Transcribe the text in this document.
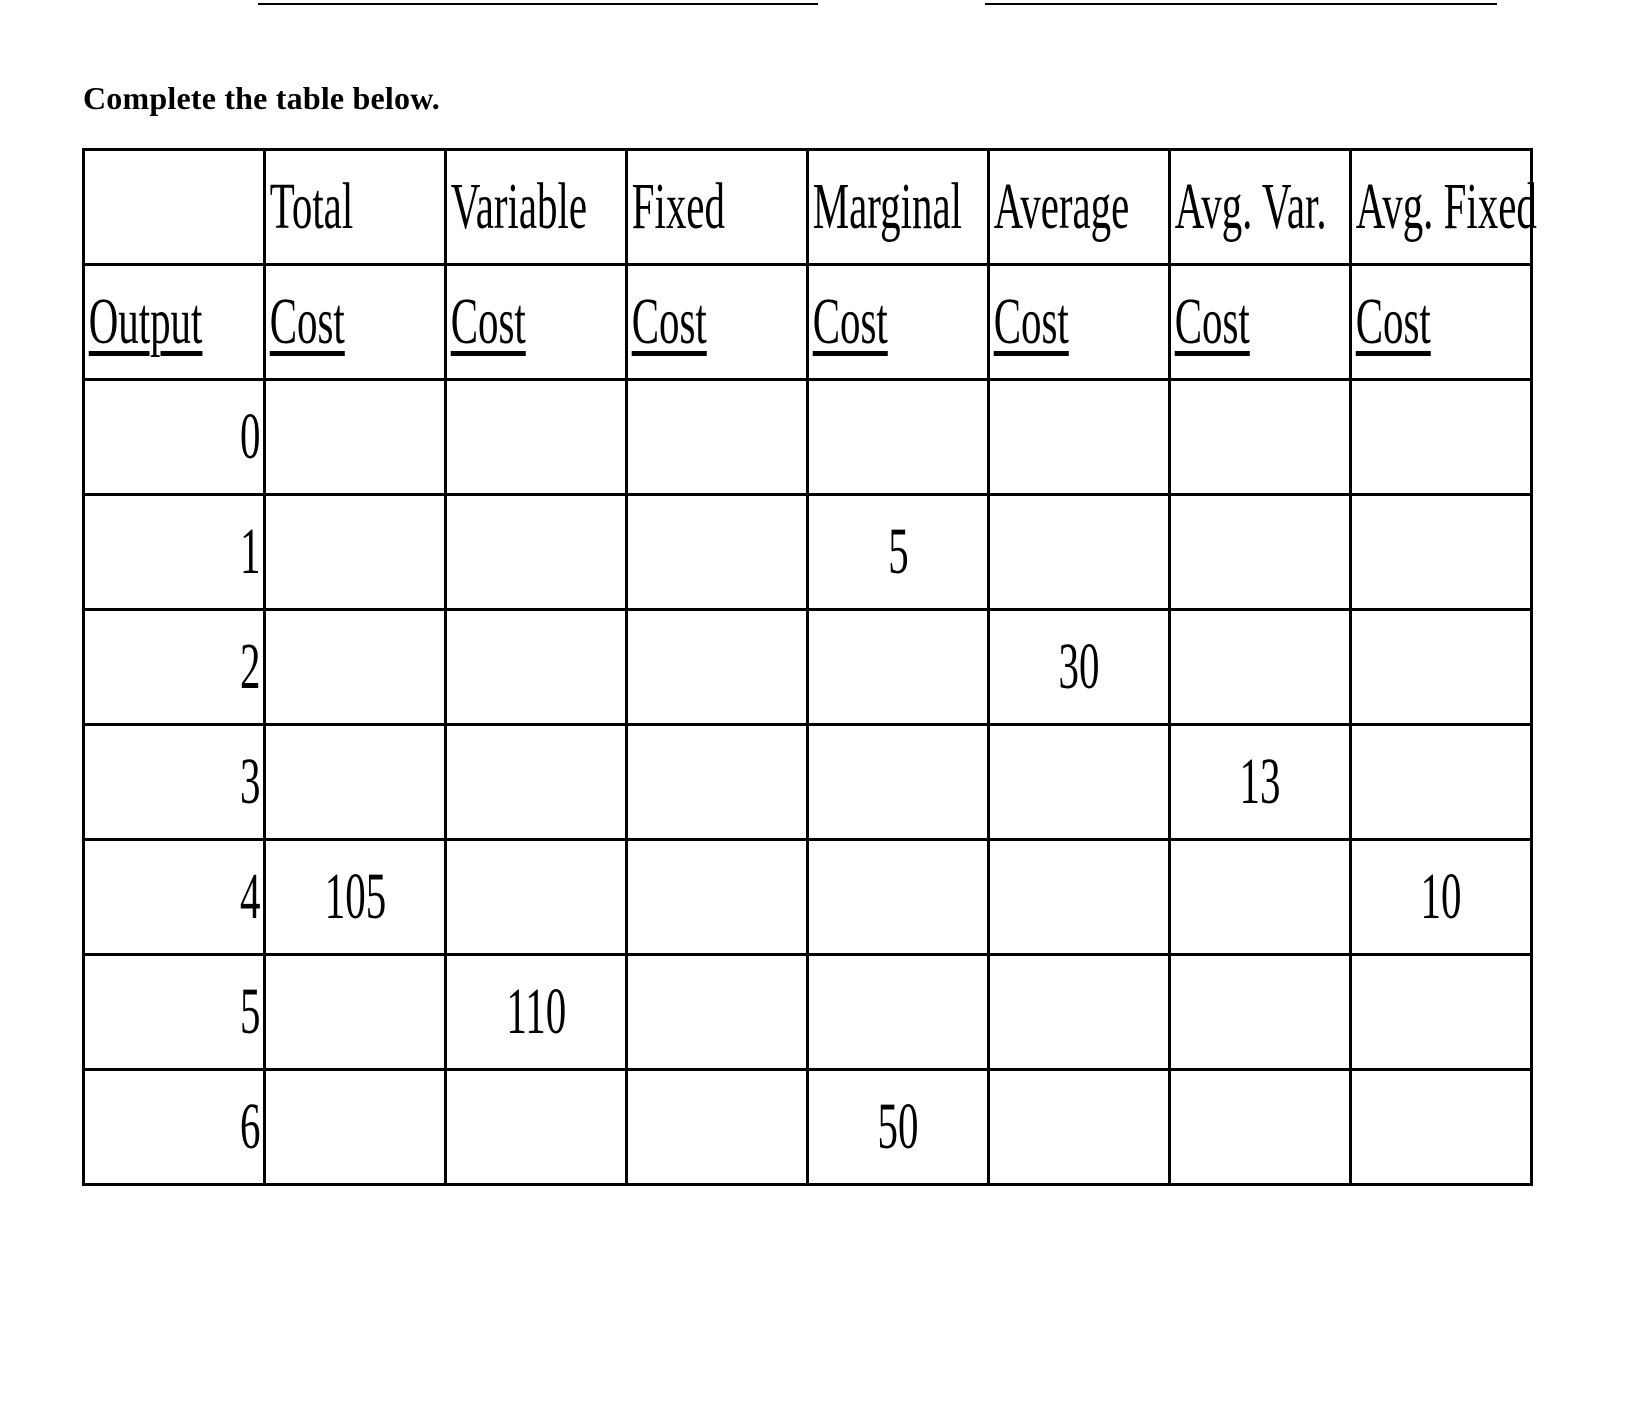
Complete the table below.
	Total	Variable	Fixed	Marginal	Average	Avg. Var.	Avg. Fixed
Output	Cost	Cost	Cost	Cost	Cost	Cost	Cost
0							
1				5			
2					30		
3						13	
4	105						10
5		110					
6				50			
